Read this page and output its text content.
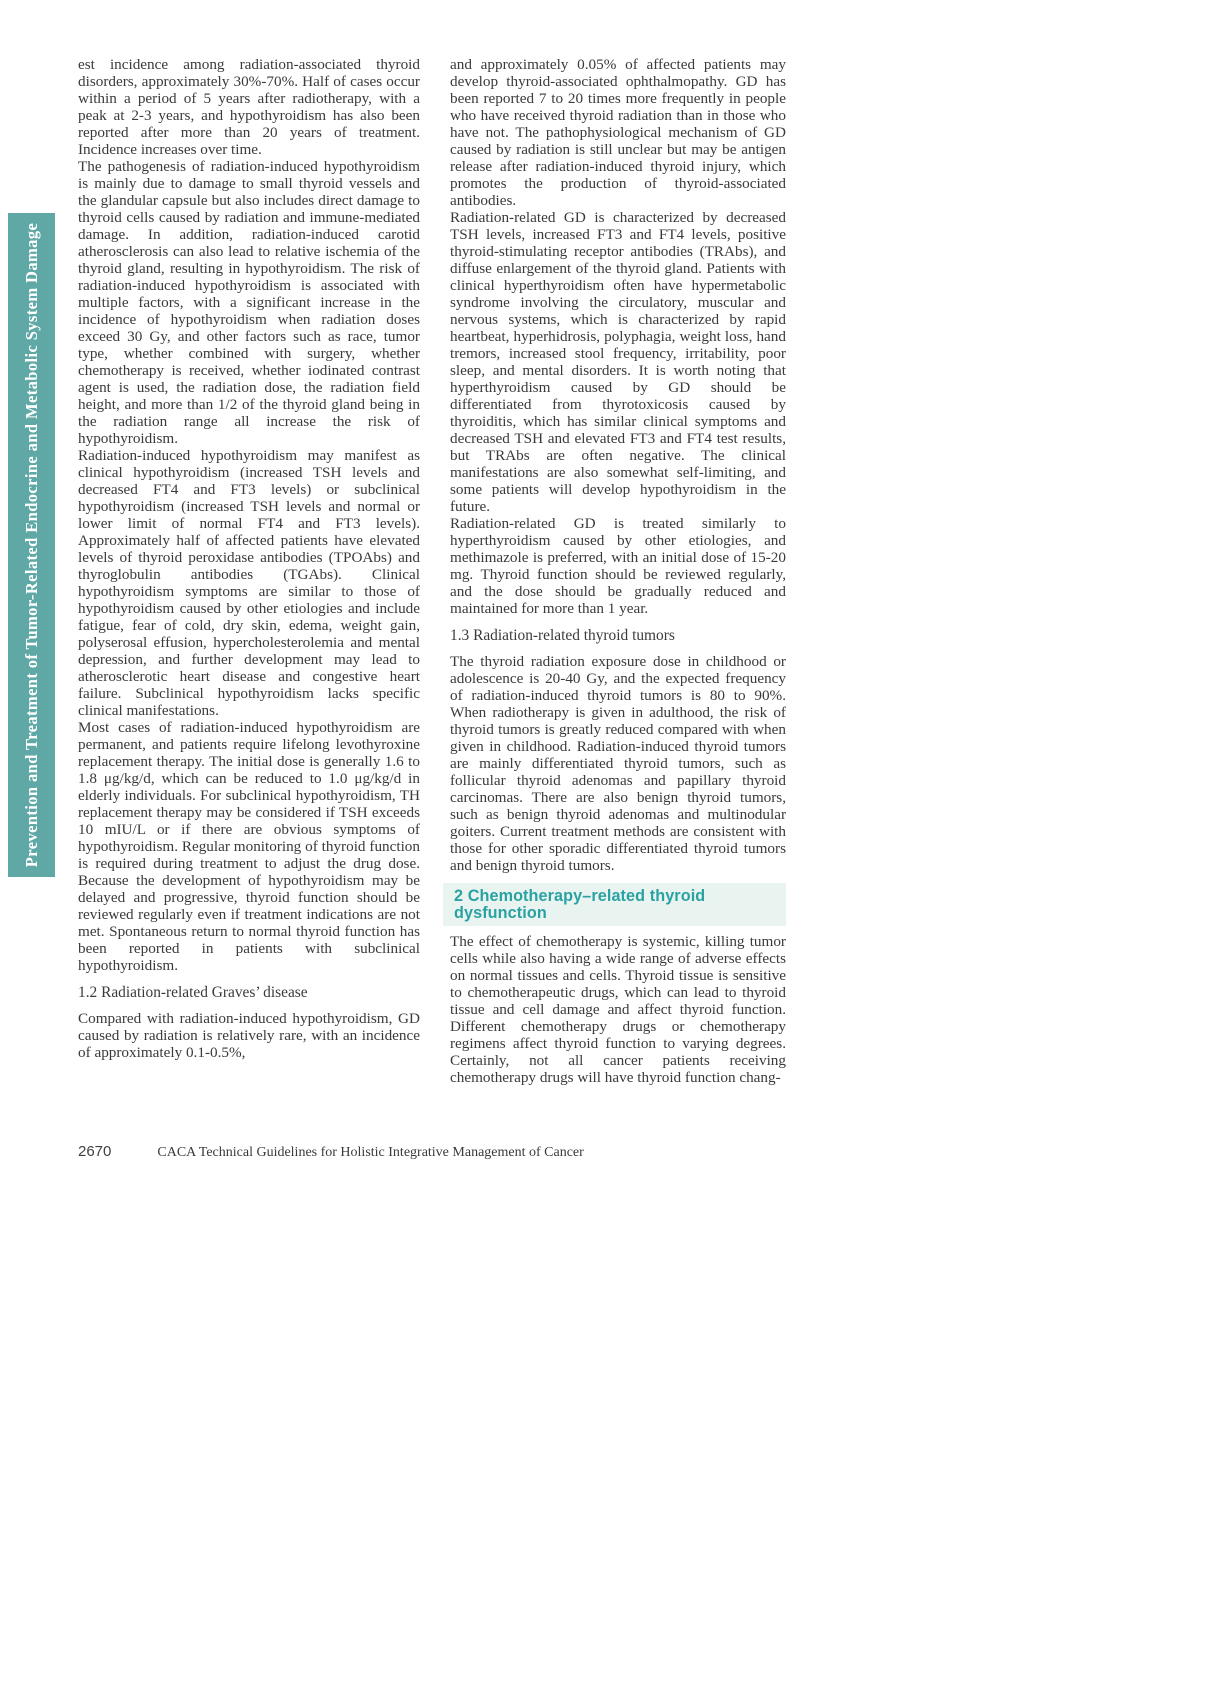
Prevention and Treatment of Tumor-Related Endocrine and Metabolic System Damage

est incidence among radiation-associated thyroid disorders, approximately 30%-70%. Half of cases occur within a period of 5 years after radiotherapy, with a peak at 2-3 years, and hypothyroidism has also been reported after more than 20 years of treatment. Incidence increases over time.

The pathogenesis of radiation-induced hypothyroidism is mainly due to damage to small thyroid vessels and the glandular capsule but also includes direct damage to thyroid cells caused by radiation and immune-mediated damage. In addition, radiation-induced carotid atherosclerosis can also lead to relative ischemia of the thyroid gland, resulting in hypothyroidism. The risk of radiation-induced hypothyroidism is associated with multiple factors, with a significant increase in the incidence of hypothyroidism when radiation doses exceed 30 Gy, and other factors such as race, tumor type, whether combined with surgery, whether chemotherapy is received, whether iodinated contrast agent is used, the radiation dose, the radiation field height, and more than 1/2 of the thyroid gland being in the radiation range all increase the risk of hypothyroidism.

Radiation-induced hypothyroidism may manifest as clinical hypothyroidism (increased TSH levels and decreased FT4 and FT3 levels) or subclinical hypothyroidism (increased TSH levels and normal or lower limit of normal FT4 and FT3 levels). Approximately half of affected patients have elevated levels of thyroid peroxidase antibodies (TPOAbs) and thyroglobulin antibodies (TGAbs). Clinical hypothyroidism symptoms are similar to those of hypothyroidism caused by other etiologies and include fatigue, fear of cold, dry skin, edema, weight gain, polyserosal effusion, hypercholesterolemia and mental depression, and further development may lead to atherosclerotic heart disease and congestive heart failure. Subclinical hypothyroidism lacks specific clinical manifestations.

Most cases of radiation-induced hypothyroidism are permanent, and patients require lifelong levothyroxine replacement therapy. The initial dose is generally 1.6 to 1.8 μg/kg/d, which can be reduced to 1.0 μg/kg/d in elderly individuals. For subclinical hypothyroidism, TH replacement therapy may be considered if TSH exceeds 10 mIU/L or if there are obvious symptoms of hypothyroidism. Regular monitoring of thyroid function is required during treatment to adjust the drug dose. Because the development of hypothyroidism may be delayed and progressive, thyroid function should be reviewed regularly even if treatment indications are not met. Spontaneous return to normal thyroid function has been reported in patients with subclinical hypothyroidism.

1.2 Radiation-related Graves’ disease

Compared with radiation-induced hypothyroidism, GD caused by radiation is relatively rare, with an incidence of approximately 0.1-0.5%,

and approximately 0.05% of affected patients may develop thyroid-associated ophthalmopathy. GD has been reported 7 to 20 times more frequently in people who have received thyroid radiation than in those who have not. The pathophysiological mechanism of GD caused by radiation is still unclear but may be antigen release after radiation-induced thyroid injury, which promotes the production of thyroid-associated antibodies.

Radiation-related GD is characterized by decreased TSH levels, increased FT3 and FT4 levels, positive thyroid-stimulating receptor antibodies (TRAbs), and diffuse enlargement of the thyroid gland. Patients with clinical hyperthyroidism often have hypermetabolic syndrome involving the circulatory, muscular and nervous systems, which is characterized by rapid heartbeat, hyperhidrosis, polyphagia, weight loss, hand tremors, increased stool frequency, irritability, poor sleep, and mental disorders. It is worth noting that hyperthyroidism caused by GD should be differentiated from thyrotoxicosis caused by thyroiditis, which has similar clinical symptoms and decreased TSH and elevated FT3 and FT4 test results, but TRAbs are often negative. The clinical manifestations are also somewhat self-limiting, and some patients will develop hypothyroidism in the future.

Radiation-related GD is treated similarly to hyperthyroidism caused by other etiologies, and methimazole is preferred, with an initial dose of 15-20 mg. Thyroid function should be reviewed regularly, and the dose should be gradually reduced and maintained for more than 1 year.

1.3 Radiation-related thyroid tumors

The thyroid radiation exposure dose in childhood or adolescence is 20-40 Gy, and the expected frequency of radiation-induced thyroid tumors is 80 to 90%. When radiotherapy is given in adulthood, the risk of thyroid tumors is greatly reduced compared with when given in childhood. Radiation-induced thyroid tumors are mainly differentiated thyroid tumors, such as follicular thyroid adenomas and papillary thyroid carcinomas. There are also benign thyroid tumors, such as benign thyroid adenomas and multinodular goiters. Current treatment methods are consistent with those for other sporadic differentiated thyroid tumors and benign thyroid tumors.

2 Chemotherapy–related thyroid dysfunction

The effect of chemotherapy is systemic, killing tumor cells while also having a wide range of adverse effects on normal tissues and cells. Thyroid tissue is sensitive to chemotherapeutic drugs, which can lead to thyroid tissue and cell damage and affect thyroid function. Different chemotherapy drugs or chemotherapy regimens affect thyroid function to varying degrees. Certainly, not all cancer patients receiving chemotherapy drugs will have thyroid function chang-

2670	CACA Technical Guidelines for Holistic Integrative Management of Cancer
